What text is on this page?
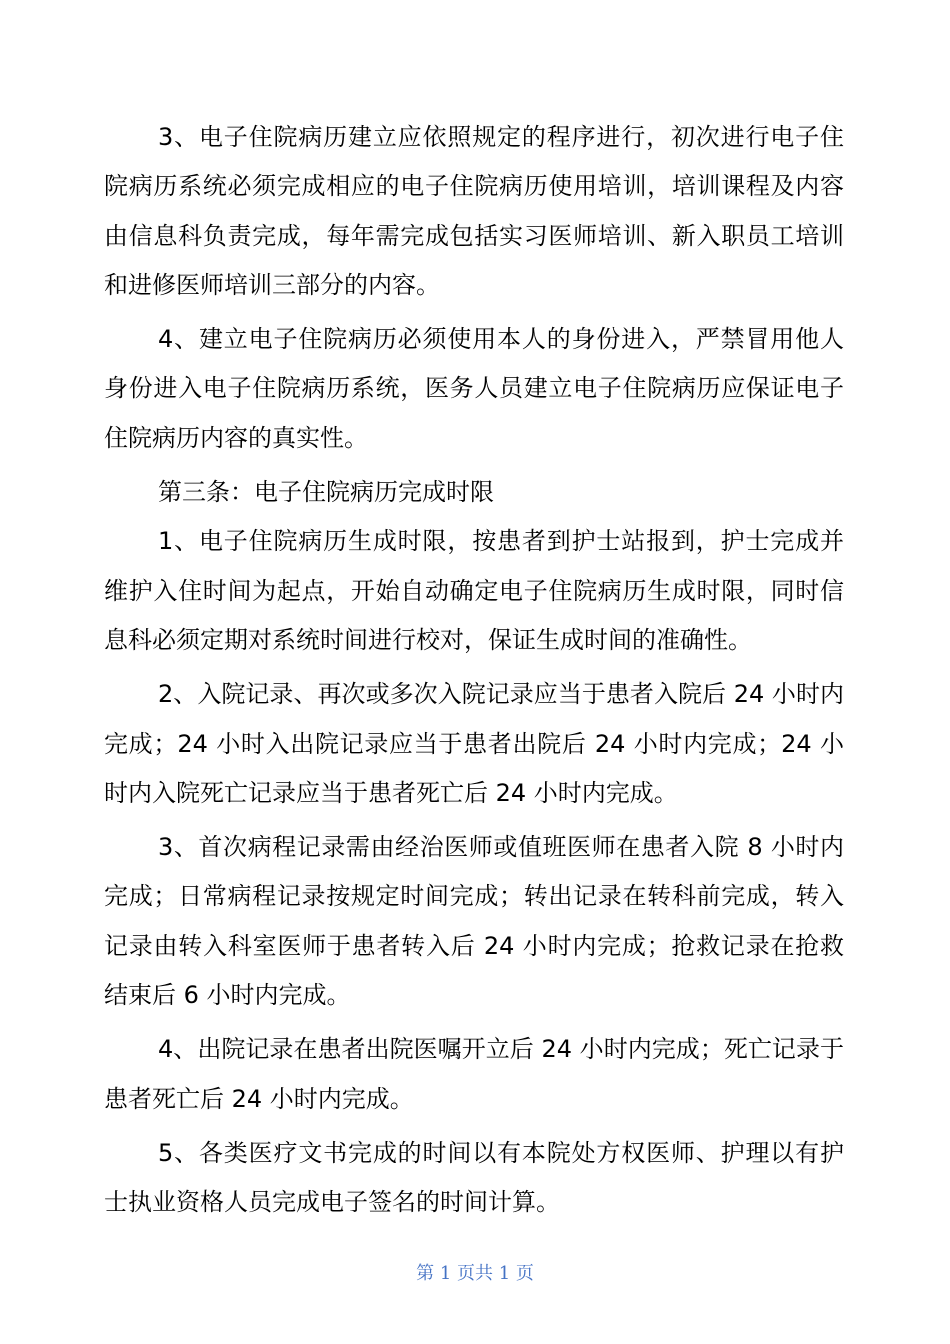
3、电子住院病历建立应依照规定的程序进行，初次进行电子住院病历系统必须完成相应的电子住院病历使用培训，培训课程及内容由信息科负责完成，每年需完成包括实习医师培训、新入职员工培训和进修医师培训三部分的内容。

4、建立电子住院病历必须使用本人的身份进入，严禁冒用他人身份进入电子住院病历系统，医务人员建立电子住院病历应保证电子住院病历内容的真实性。

第三条：电子住院病历完成时限

1、电子住院病历生成时限，按患者到护士站报到，护士完成并维护入住时间为起点，开始自动确定电子住院病历生成时限，同时信息科必须定期对系统时间进行校对，保证生成时间的准确性。

2、入院记录、再次或多次入院记录应当于患者入院后 24 小时内完成；24 小时入出院记录应当于患者出院后 24 小时内完成；24 小时内入院死亡记录应当于患者死亡后 24 小时内完成。

3、首次病程记录需由经治医师或值班医师在患者入院 8 小时内完成；日常病程记录按规定时间完成；转出记录在转科前完成，转入记录由转入科室医师于患者转入后 24 小时内完成；抢救记录在抢救结束后 6 小时内完成。

4、出院记录在患者出院医嘱开立后 24 小时内完成；死亡记录于患者死亡后 24 小时内完成。

5、各类医疗文书完成的时间以有本院处方权医师、护理以有护士执业资格人员完成电子签名的时间计算。

第 1 页共 1 页
